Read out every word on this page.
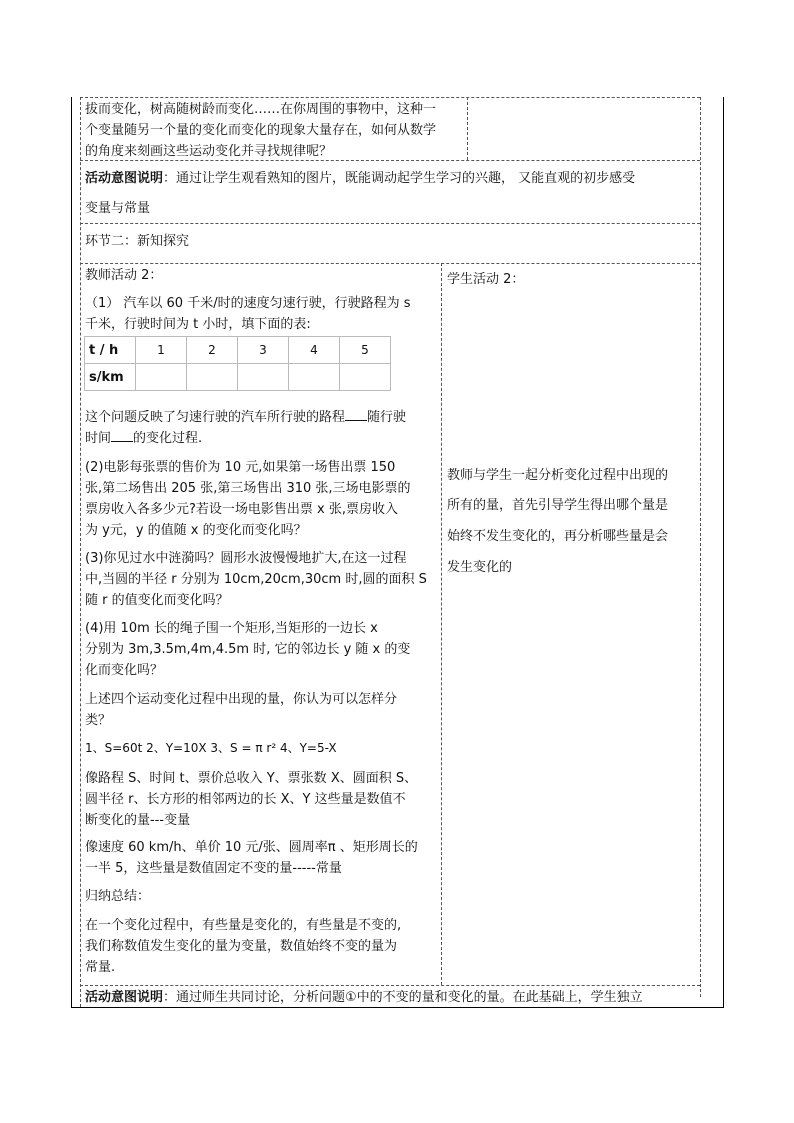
拔而变化，树高随树龄而变化……在你周围的事物中，这种一
个变量随另一个量的变化而变化的现象大量存在，如何从数学
的角度来刻画这些运动变化并寻找规律呢？
活动意图说明：通过让学生观看熟知的图片，既能调动起学生学习的兴趣， 又能直观的初步感受
变量与常量
环节二：新知探究
教师活动 2：
（1） 汽车以 60 千米/时的速度匀速行驶，行驶路程为 s
千米，行驶时间为 t 小时，填下面的表:
t / h	1	2	3	4	5
s/km					
这个问题反映了匀速行驶的汽车所行驶的路程 随行驶
时间 的变化过程.
(2)电影每张票的售价为 10 元,如果第一场售出票 150
张,第二场售出 205 张,第三场售出 310 张,三场电影票的
票房收入各多少元?若设一场电影售出票 x 张,票房收入
为 y元，y 的值随 x 的变化而变化吗？
(3)你见过水中涟漪吗？圆形水波慢慢地扩大,在这一过程
中,当圆的半径 r 分别为 10cm,20cm,30cm 时,圆的面积 S
随 r 的值变化而变化吗？
(4)用 10m 长的绳子围一个矩形,当矩形的一边长 x
分别为 3m,3.5m,4m,4.5m 时, 它的邻边长 y 随 x 的变
化而变化吗？
上述四个运动变化过程中出现的量，你认为可以怎样分
类？
1、S=60t 2、Y=10X 3、S = π r² 4、Y=5-X
像路程 S、时间 t、票价总收入 Y、票张数 X、圆面积 S、
圆半径 r、长方形的相邻两边的长 X、Y 这些量是数值不
断变化的量---变量
像速度 60 km/h、单价 10 元/张、圆周率π 、矩形周长的
一半 5，这些量是数值固定不变的量-----常量
归纳总结：
在一个变化过程中，有些量是变化的，有些量是不变的,
我们称数值发生变化的量为变量，数值始终不变的量为
常量.
学生活动 2：
教师与学生一起分析变化过程中出现的
所有的量，首先引导学生得出哪个量是
始终不发生变化的，再分析哪些量是会
发生变化的
活动意图说明：通过师生共同讨论，分析问题①中的不变的量和变化的量。在此基础上，学生独立
